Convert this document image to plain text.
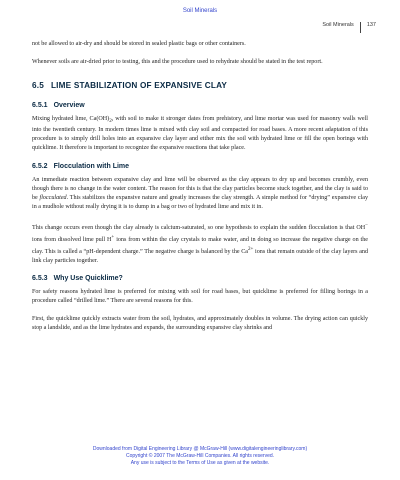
Soil Minerals
Soil Minerals	137

not be allowed to air-dry and should be stored in sealed plastic bags or other containers.

Whenever soils are air-dried prior to testing, this and the procedure used to rehydrate should be stated in the test report.

6.5 LIME STABILIZATION OF EXPANSIVE CLAY
6.5.1 Overview

Mixing hydrated lime, $Ca(OH)_2$, with soil to make it stronger dates from prehistory, and lime mortar was used for masonry walls well into the twentieth century. In modern times lime is mixed with clay soil and compacted for road bases. A more recent adaptation of this procedure is to simply drill holes into an expansive clay layer and either mix the soil with hydrated lime or fill the open borings with quicklime. It therefore is important to recognize the expansive reactions that take place.

6.5.2 Flocculation with Lime

An immediate reaction between expansive clay and lime will be observed as the clay appears to dry up and becomes crumbly, even though there is no change in the water content. The reason for this is that the clay particles become stuck together, and the clay is said to be flocculated. This stabilizes the expansive nature and greatly increases the clay strength. A simple method for “drying” expansive clay in a mudhole without really drying it is to dump in a bag or two of hydrated lime and mix it in.

This change occurs even though the clay already is calcium-saturated, so one hypothesis to explain the sudden flocculation is that OH− ions from dissolved lime pull H+ ions from within the clay crystals to make water, and in doing so increase the negative charge on the clay. This is called a “pH-dependent charge.” The negative charge is balanced by the $Ca^{2+}$ ions that remain outside of the clay layers and link clay particles together.

6.5.3 Why Use Quicklime?

For safety reasons hydrated lime is preferred for mixing with soil for road bases, but quicklime is preferred for filling borings in a procedure called “drilled lime.” There are several reasons for this.

First, the quicklime quickly extracts water from the soil, hydrates, and approximately doubles in volume. The drying action can quickly stop a landslide, and as the lime hydrates and expands, the surrounding expansive clay shrinks and

Downloaded from Digital Engineering Library @ McGraw-Hill (www.digitalengineeringlibrary.com)
Copyright © 2007 The McGraw-Hill Companies. All rights reserved.
Any use is subject to the Terms of Use as given at the website.
